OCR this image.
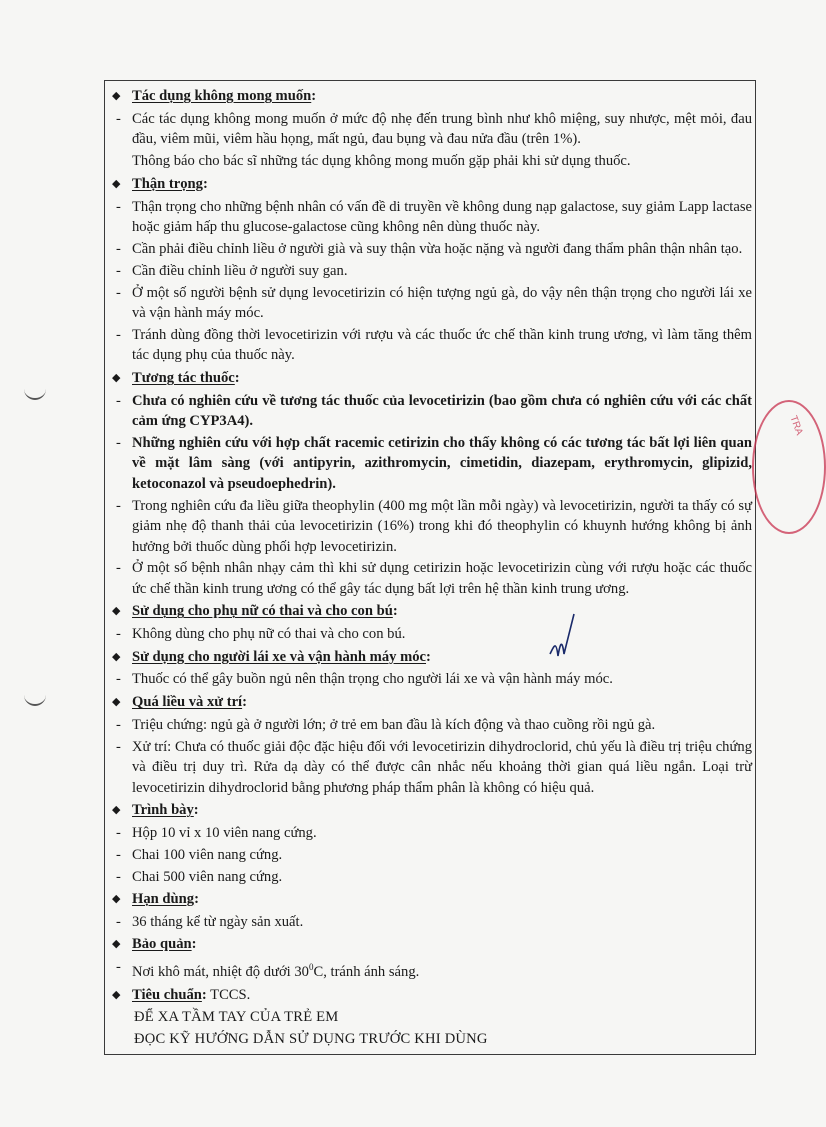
TRA
◆ Tác dụng không mong muốn:
- Các tác dụng không mong muốn ở mức độ nhẹ đến trung bình như khô miệng, suy nhược, mệt mỏi, đau đầu, viêm mũi, viêm hầu họng, mất ngủ, đau bụng và đau nửa đầu (trên 1%).
Thông báo cho bác sĩ những tác dụng không mong muốn gặp phải khi sử dụng thuốc.
◆ Thận trọng:
- Thận trọng cho những bệnh nhân có vấn đề di truyền về không dung nạp galactose, suy giảm Lapp lactase hoặc giảm hấp thu glucose-galactose cũng không nên dùng thuốc này.
- Cần phải điều chỉnh liều ở người già và suy thận vừa hoặc nặng và người đang thẩm phân thận nhân tạo.
- Cần điều chỉnh liều ở người suy gan.
- Ở một số người bệnh sử dụng levocetirizin có hiện tượng ngủ gà, do vậy nên thận trọng cho người lái xe và vận hành máy móc.
- Tránh dùng đồng thời levocetirizin với rượu và các thuốc ức chế thần kinh trung ương, vì làm tăng thêm tác dụng phụ của thuốc này.
◆ Tương tác thuốc:
- Chưa có nghiên cứu về tương tác thuốc của levocetirizin (bao gồm chưa có nghiên cứu với các chất cảm ứng CYP3A4).
- Những nghiên cứu với hợp chất racemic cetirizin cho thấy không có các tương tác bất lợi liên quan về mặt lâm sàng (với antipyrin, azithromycin, cimetidin, diazepam, erythromycin, glipizid, ketoconazol và pseudoephedrin).
- Trong nghiên cứu đa liều giữa theophylin (400 mg một lần mỗi ngày) và levocetirizin, người ta thấy có sự giảm nhẹ độ thanh thải của levocetirizin (16%) trong khi đó theophylin có khuynh hướng không bị ảnh hưởng bởi thuốc dùng phối hợp levocetirizin.
- Ở một số bệnh nhân nhạy cảm thì khi sử dụng cetirizin hoặc levocetirizin cùng với rượu hoặc các thuốc ức chế thần kinh trung ương có thể gây tác dụng bất lợi trên hệ thần kinh trung ương.
◆ Sử dụng cho phụ nữ có thai và cho con bú:
- Không dùng cho phụ nữ có thai và cho con bú.
◆ Sử dụng cho người lái xe và vận hành máy móc:
- Thuốc có thể gây buồn ngủ nên thận trọng cho người lái xe và vận hành máy móc.
◆ Quá liều và xử trí:
- Triệu chứng: ngủ gà ở người lớn; ở trẻ em ban đầu là kích động và thao cuồng rồi ngủ gà.
- Xử trí: Chưa có thuốc giải độc đặc hiệu đối với levocetirizin dihydroclorid, chủ yếu là điều trị triệu chứng và điều trị duy trì. Rửa dạ dày có thể được cân nhắc nếu khoảng thời gian quá liều ngắn. Loại trừ levocetirizin dihydroclorid bằng phương pháp thẩm phân là không có hiệu quả.
◆ Trình bày:
- Hộp 10 vỉ x 10 viên nang cứng.
- Chai 100 viên nang cứng.
- Chai 500 viên nang cứng.
◆ Hạn dùng:
- 36 tháng kể từ ngày sản xuất.
◆ Bảo quản:
- Nơi khô mát, nhiệt độ dưới $30^0C$, tránh ánh sáng.
◆ Tiêu chuẩn: TCCS.
ĐỂ XA TẦM TAY CỦA TRẺ EM
ĐỌC KỸ HƯỚNG DẪN SỬ DỤNG TRƯỚC KHI DÙNG
